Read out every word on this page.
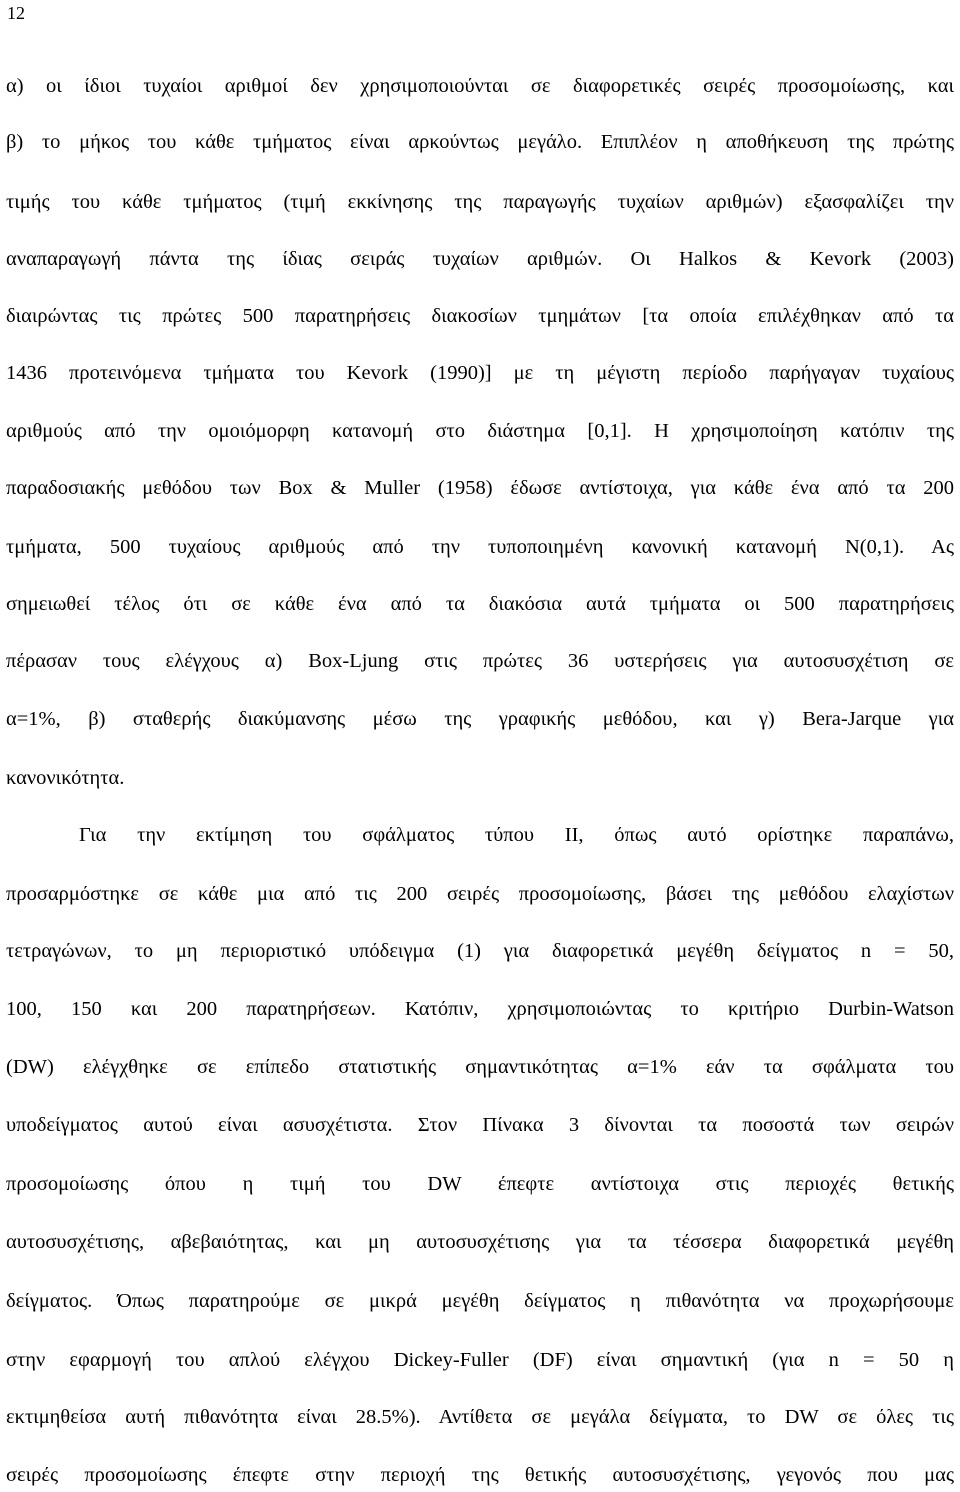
12
α) οι ίδιοι τυχαίοι αριθμοί δεν χρησιμοποιούνται σε διαφορετικές σειρές προσομοίωσης, και
β) το μήκος του κάθε τμήματος είναι αρκούντως μεγάλο. Επιπλέον η αποθήκευση της πρώτης
τιμής του κάθε τμήματος (τιμή εκκίνησης της παραγωγής τυχαίων αριθμών) εξασφαλίζει την
αναπαραγωγή πάντα της ίδιας σειράς τυχαίων αριθμών. Οι Halkos & Kevork (2003)
διαιρώντας τις πρώτες 500 παρατηρήσεις διακοσίων τμημάτων [τα οποία επιλέχθηκαν από τα
1436 προτεινόμενα τμήματα του Kevork (1990)] με τη μέγιστη περίοδο παρήγαγαν τυχαίους
αριθμούς από την ομοιόμορφη κατανομή στο διάστημα [0,1]. Η χρησιμοποίηση κατόπιν της
παραδοσιακής μεθόδου των Box & Muller (1958) έδωσε αντίστοιχα, για κάθε ένα από τα 200
τμήματα, 500 τυχαίους αριθμούς από την τυποποιημένη κανονική κατανομή Ν(0,1). Ας
σημειωθεί τέλος ότι σε κάθε ένα από τα διακόσια αυτά τμήματα οι 500 παρατηρήσεις
πέρασαν τους ελέγχους α) Box-Ljung στις πρώτες 36 υστερήσεις για αυτοσυσχέτιση σε
α=1%, β) σταθερής διακύμανσης μέσω της γραφικής μεθόδου, και γ) Bera-Jarque για
κανονικότητα.
Για την εκτίμηση του σφάλματος τύπου ΙΙ, όπως αυτό ορίστηκε παραπάνω,
προσαρμόστηκε σε κάθε μια από τις 200 σειρές προσομοίωσης, βάσει της μεθόδου ελαχίστων
τετραγώνων, το μη περιοριστικό υπόδειγμα (1) για διαφορετικά μεγέθη δείγματος n = 50,
100, 150 και 200 παρατηρήσεων. Κατόπιν, χρησιμοποιώντας το κριτήριο Durbin-Watson
(DW) ελέγχθηκε σε επίπεδο στατιστικής σημαντικότητας α=1% εάν τα σφάλματα του
υποδείγματος αυτού είναι ασυσχέτιστα. Στον Πίνακα 3 δίνονται τα ποσοστά των σειρών
προσομοίωσης όπου η τιμή του DW έπεφτε αντίστοιχα στις περιοχές θετικής
αυτοσυσχέτισης, αβεβαιότητας, και μη αυτοσυσχέτισης για τα τέσσερα διαφορετικά μεγέθη
δείγματος. Όπως παρατηρούμε σε μικρά μεγέθη δείγματος η πιθανότητα να προχωρήσουμε
στην εφαρμογή του απλού ελέγχου Dickey-Fuller (DF) είναι σημαντική (για n = 50 η
εκτιμηθείσα αυτή πιθανότητα είναι 28.5%). Αντίθετα σε μεγάλα δείγματα, το DW σε όλες τις
σειρές προσομοίωσης έπεφτε στην περιοχή της θετικής αυτοσυσχέτισης, γεγονός που μας
